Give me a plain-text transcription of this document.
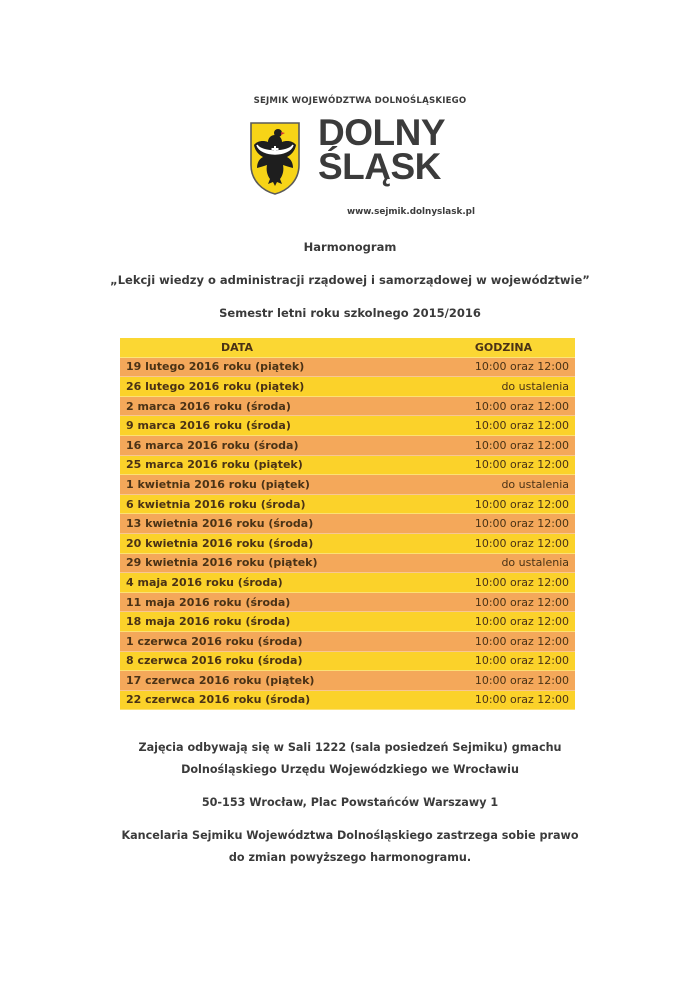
SEJMIK WOJEWÓDZTWA DOLNOŚLĄSKIEGO
DOLNY
ŚLĄSK
www.sejmik.dolnyslask.pl
Harmonogram
„Lekcji wiedzy o administracji rządowej i samorządowej w województwie”
Semestr letni roku szkolnego 2015/2016
DATA	GODZINA
19 lutego 2016 roku (piątek)	10:00 oraz 12:00
26 lutego 2016 roku (piątek)	do ustalenia
2 marca 2016 roku (środa)	10:00 oraz 12:00
9 marca 2016 roku (środa)	10:00 oraz 12:00
16 marca 2016 roku (środa)	10:00 oraz 12:00
25 marca 2016 roku (piątek)	10:00 oraz 12:00
1 kwietnia 2016 roku (piątek)	do ustalenia
6 kwietnia 2016 roku (środa)	10:00 oraz 12:00
13 kwietnia 2016 roku (środa)	10:00 oraz 12:00
20 kwietnia 2016 roku (środa)	10:00 oraz 12:00
29 kwietnia 2016 roku (piątek)	do ustalenia
4 maja 2016 roku (środa)	10:00 oraz 12:00
11 maja 2016 roku (środa)	10:00 oraz 12:00
18 maja 2016 roku (środa)	10:00 oraz 12:00
1 czerwca 2016 roku (środa)	10:00 oraz 12:00
8 czerwca 2016 roku (środa)	10:00 oraz 12:00
17 czerwca 2016 roku (piątek)	10:00 oraz 12:00
22 czerwca 2016 roku (środa)	10:00 oraz 12:00
Zajęcia odbywają się w Sali 1222 (sala posiedzeń Sejmiku) gmachu
Dolnośląskiego Urzędu Wojewódzkiego we Wrocławiu
50-153 Wrocław, Plac Powstańców Warszawy 1
Kancelaria Sejmiku Województwa Dolnośląskiego zastrzega sobie prawo
do zmian powyższego harmonogramu.
